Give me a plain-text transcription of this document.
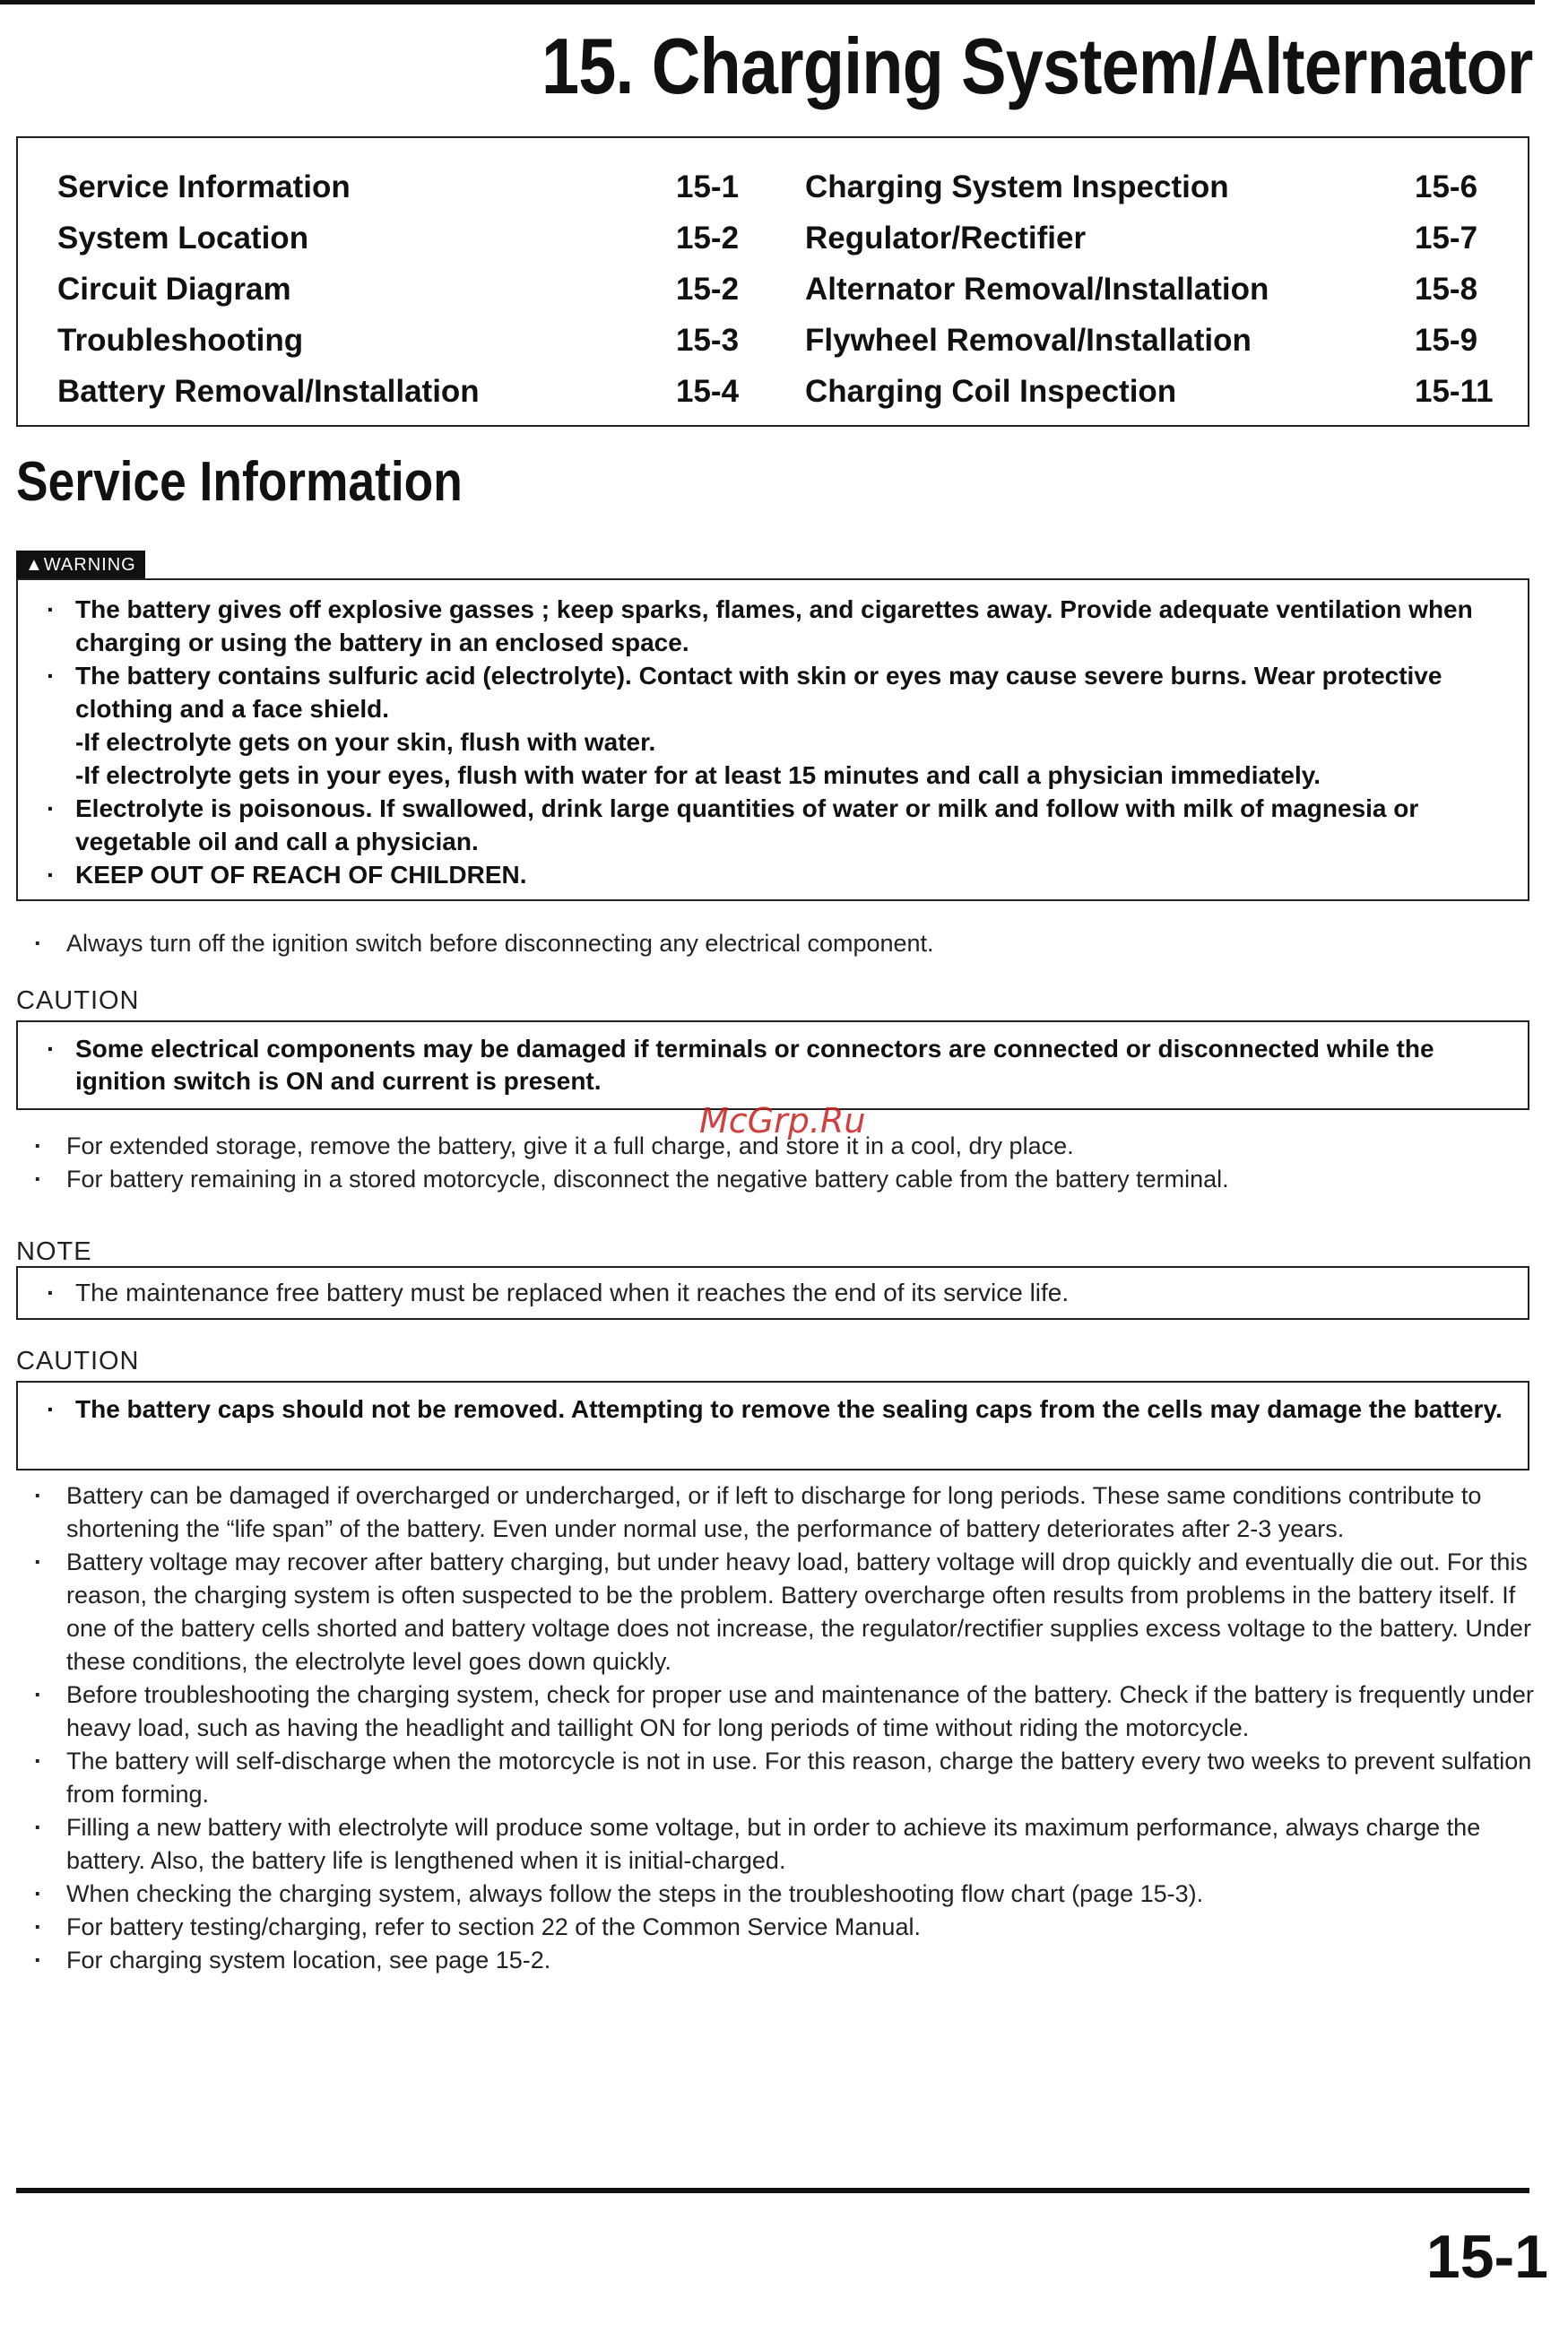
15. Charging System/Alternator
Service Information	15-1
System Location	15-2
Circuit Diagram	15-2
Troubleshooting	15-3
Battery Removal/Installation	15-4
Charging System Inspection	15-6
Regulator/Rectifier	15-7
Alternator Removal/Installation	15-8
Flywheel Removal/Installation	15-9
Charging Coil Inspection	15-11
Service Information
▲WARNING
· The battery gives off explosive gasses ; keep sparks, flames, and cigarettes away. Provide adequate ventilation when charging or using the battery in an enclosed space.
· The battery contains sulfuric acid (electrolyte). Contact with skin or eyes may cause severe burns. Wear protective clothing and a face shield.
-If electrolyte gets on your skin, flush with water.
-If electrolyte gets in your eyes, flush with water for at least 15 minutes and call a physician immediately.
· Electrolyte is poisonous. If swallowed, drink large quantities of water or milk and follow with milk of magnesia or vegetable oil and call a physician.
· KEEP OUT OF REACH OF CHILDREN.
· Always turn off the ignition switch before disconnecting any electrical component.
CAUTION
· Some electrical components may be damaged if terminals or connectors are connected or disconnected while the ignition switch is ON and current is present.
· For extended storage, remove the battery, give it a full charge, and store it in a cool, dry place.
· For battery remaining in a stored motorcycle, disconnect the negative battery cable from the battery terminal.
McGrp.Ru
NOTE
· The maintenance free battery must be replaced when it reaches the end of its service life.
CAUTION
· The battery caps should not be removed. Attempting to remove the sealing caps from the cells may damage the battery.
· Battery can be damaged if overcharged or undercharged, or if left to discharge for long periods. These same conditions contribute to shortening the “life span” of the battery. Even under normal use, the performance of battery deteriorates after 2-3 years.
· Battery voltage may recover after battery charging, but under heavy load, battery voltage will drop quickly and eventually die out. For this reason, the charging system is often suspected to be the problem. Battery overcharge often results from problems in the battery itself. If one of the battery cells shorted and battery voltage does not increase, the regulator/rectifier supplies excess voltage to the battery. Under these conditions, the electrolyte level goes down quickly.
· Before troubleshooting the charging system, check for proper use and maintenance of the battery. Check if the battery is frequently under heavy load, such as having the headlight and taillight ON for long periods of time without riding the motorcycle.
· The battery will self-discharge when the motorcycle is not in use. For this reason, charge the battery every two weeks to prevent sulfation from forming.
· Filling a new battery with electrolyte will produce some voltage, but in order to achieve its maximum performance, always charge the battery. Also, the battery life is lengthened when it is initial-charged.
· When checking the charging system, always follow the steps in the troubleshooting flow chart (page 15-3).
· For battery testing/charging, refer to section 22 of the Common Service Manual.
· For charging system location, see page 15-2.
15-1
